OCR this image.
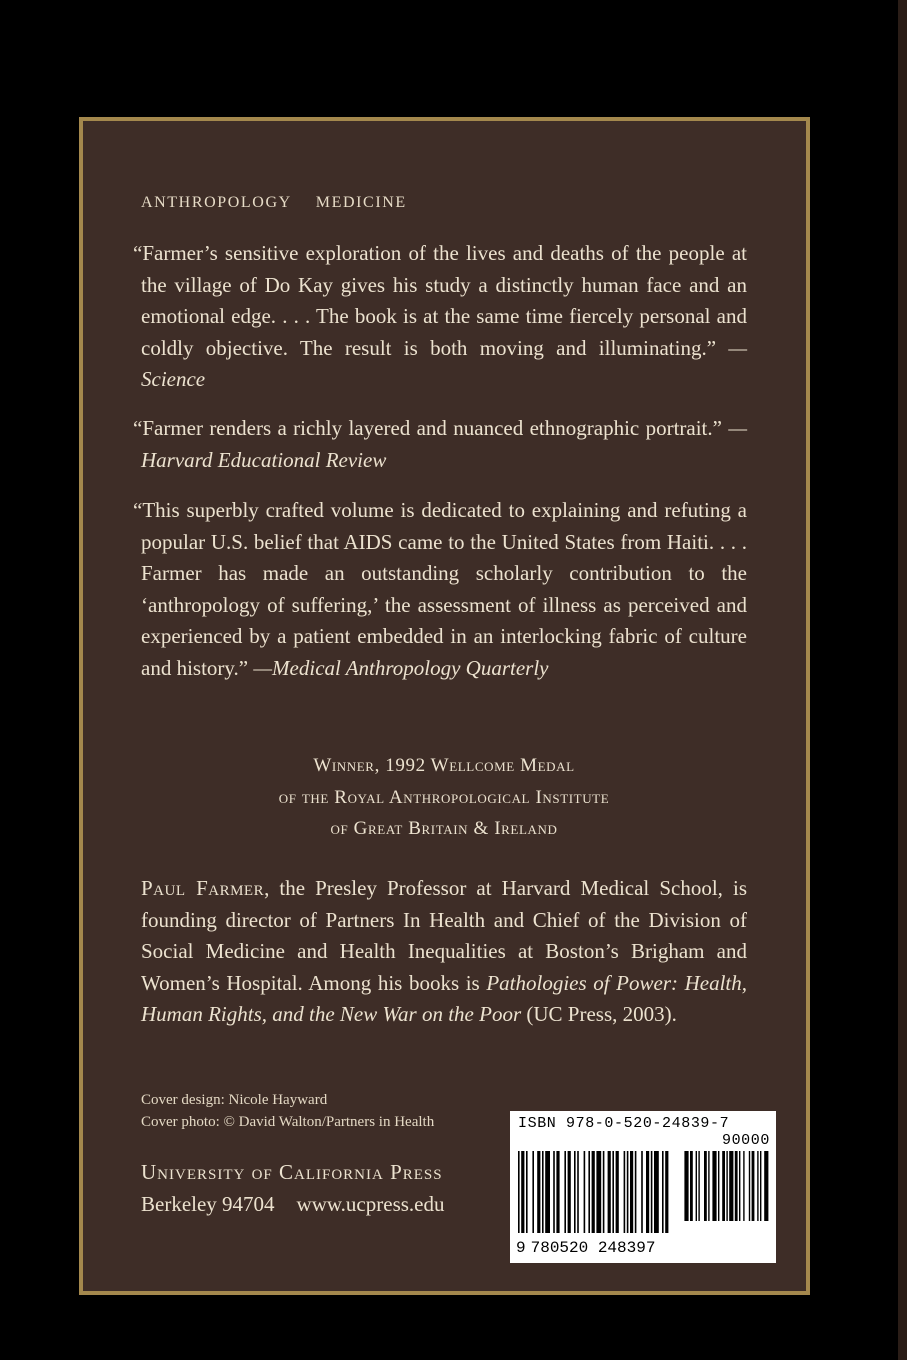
ANTHROPOLOGY MEDICINE
“Farmer’s sensitive exploration of the lives and deaths of the people at the village of Do Kay gives his study a distinctly human face and an emotional edge. . . . The book is at the same time fiercely personal and coldly objective. The result is both moving and illuminating.” —Science
“Farmer renders a richly layered and nuanced ethnographic portrait.” —Harvard Educational Review
“This superbly crafted volume is dedicated to explaining and refuting a popular U.S. belief that AIDS came to the United States from Haiti. . . . Farmer has made an outstanding scholarly contribution to the ‘anthropology of suffering,’ the assessment of illness as perceived and experienced by a patient embedded in an interlocking fabric of culture and history.” —Medical Anthropology Quarterly
Winner, 1992 Wellcome Medal
of the Royal Anthropological Institute
of Great Britain & Ireland
Paul Farmer, the Presley Professor at Harvard Medical School, is founding director of Partners In Health and Chief of the Division of Social Medicine and Health Inequalities at Boston’s Brigham and Women’s Hospital. Among his books is Pathologies of Power: Health, Human Rights, and the New War on the Poor (UC Press, 2003).
Cover design: Nicole Hayward
Cover photo: © David Walton/Partners in Health
University of California Press
Berkeley 94704 www.ucpress.edu
ISBN 978-0-520-24839-7
90000
9 780520 248397
